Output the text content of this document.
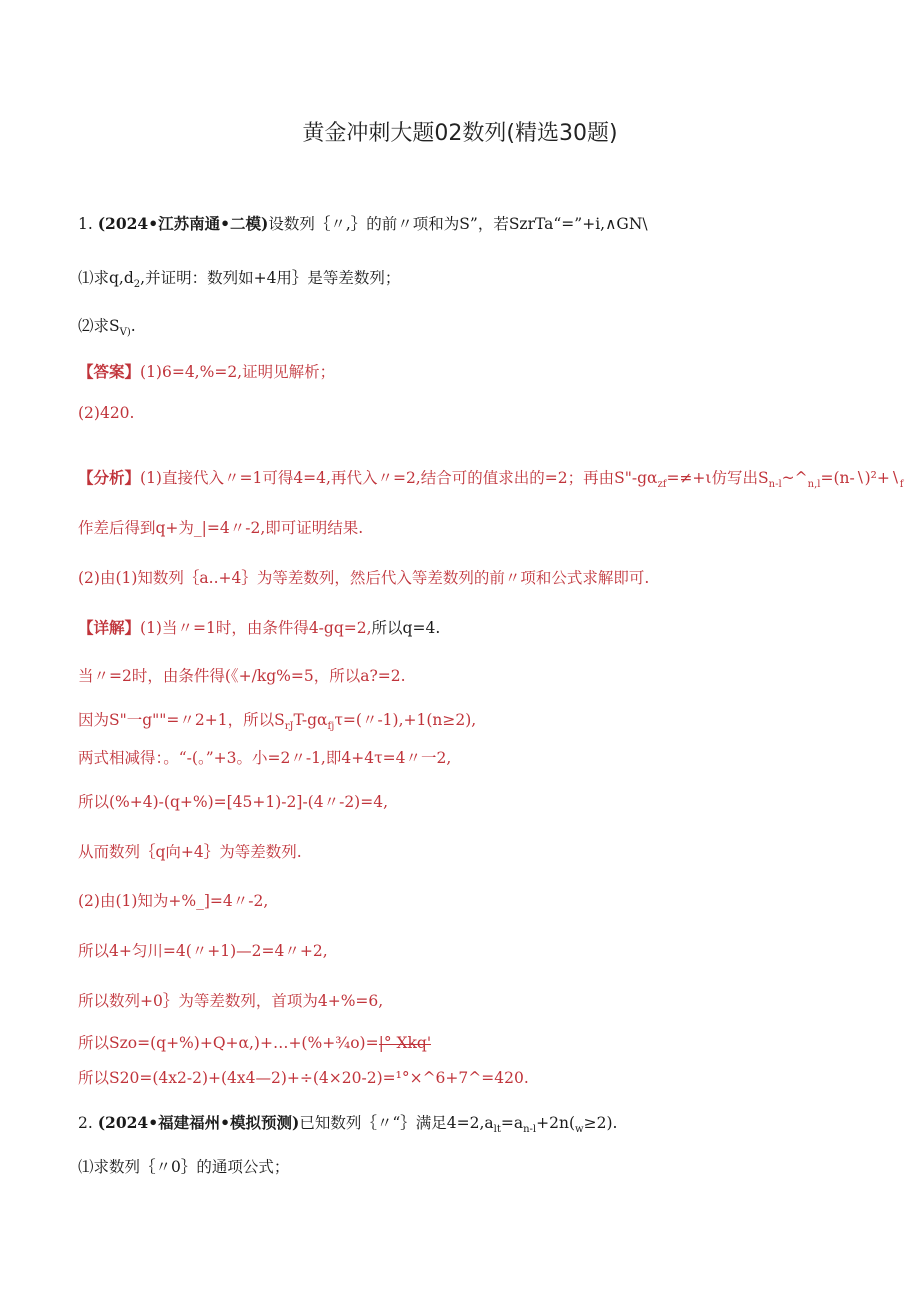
黄金冲刺大题02数列(精选30题)
1. (2024•江苏南通•二模)设数列｛〃,｝的前〃项和为S”，若SzrTa“=”+i,∧GN\
⑴求$q,d_2$,并证明：数列如+4用｝是等差数列；
⑵求$S_{V)}$.
【答案】(1)6=4,%=2,证明见解析；
(2)420.
【分析】(1)直接代入〃=1可得4=4,再代入〃=2,结合可的值求出的=2；再由$S"-g\alpha_{zf}=\ne+\iota$仿写出$S_{n-l}\sim\^{}_{n,l}=(n-∖)^2+∖_f$
作差后得到q+为_|=4〃-2,即可证明结果.
(2)由(1)知数列｛a..+4｝为等差数列，然后代入等差数列的前〃项和公式求解即可.
【详解】(1)当〃=1时，由条件得4-gq=2,所以q=4.
当〃=2时，由条件得(《+/kg%=5，所以a?=2.
因为S"一g""=〃2+1，所以$S_{rJ}T-g\alpha_{fj}\tau=$(〃-1),+1(n≥2),
两式相减得：。“-(。”+3。小=2〃-1,即4+4τ=4〃一2,
所以(%+4)-(q+%)=[45+1)-2]-(4〃-2)=4,
从而数列｛q向+4｝为等差数列.
(2)由(1)知为+%_]=4〃-2,
所以4+匀川=4(〃+1)—2=4〃+2,
所以数列+0｝为等差数列，首项为4+%=6,
所以Szo=(q+%)+Q+α,)+…+(%+¾o)=|° Xkq'
所以S20=(4x2-2)+(4x4—2)+÷(4×20-2)=¹°×^6+7^=420.
2. (2024•福建福州•模拟预测)已知数列｛〃“｝满足$4=2,a_{lt}=a_{n-l}+2n(_w\ge 2)$.
⑴求数列｛〃0｝的通项公式；
